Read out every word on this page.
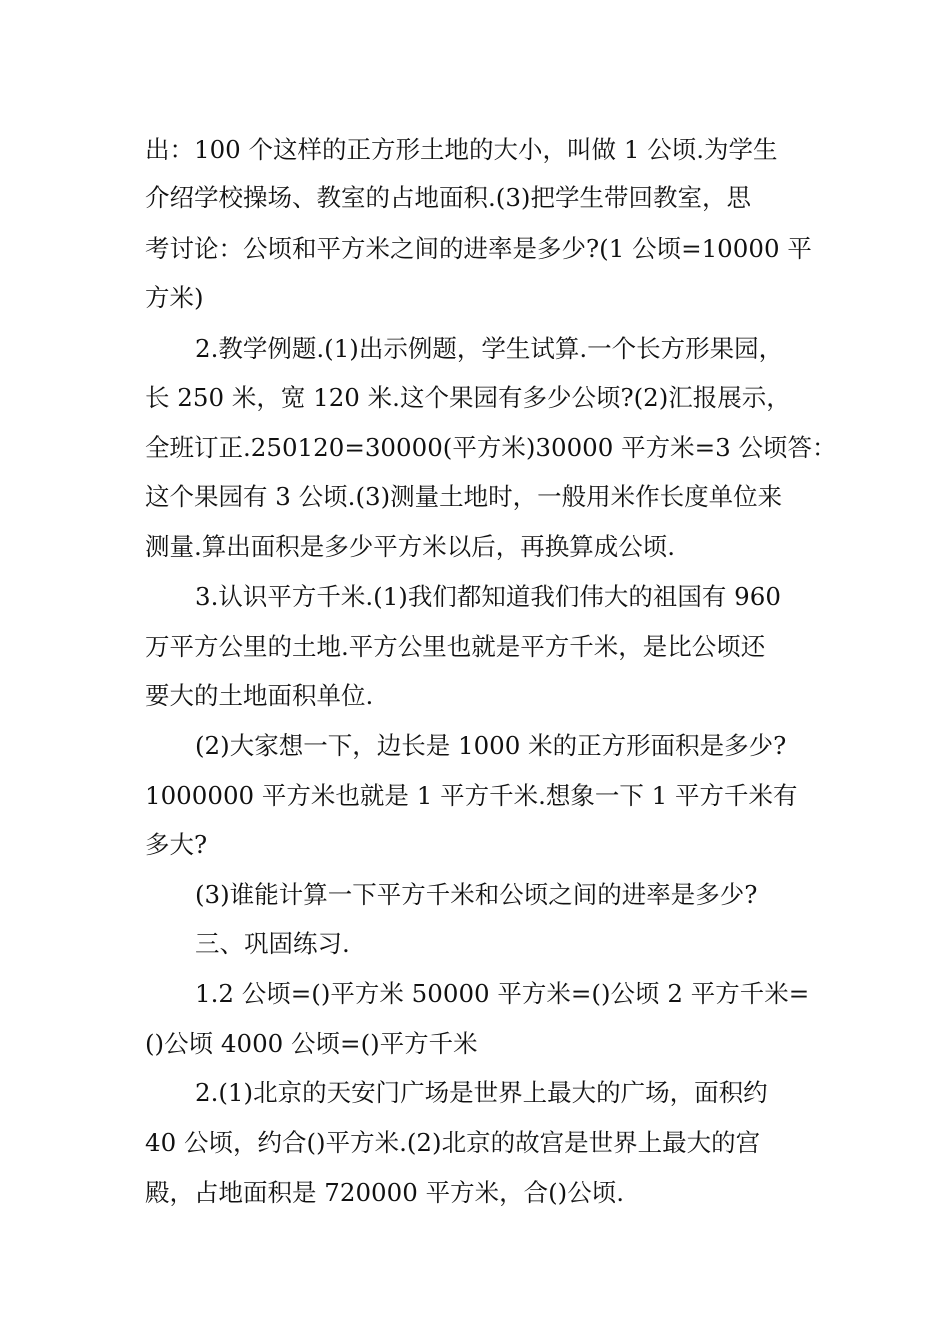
出：100 个这样的正方形土地的大小，叫做 1 公顷.为学生
介绍学校操场、教室的占地面积.(3)把学生带回教室，思
考讨论：公顷和平方米之间的进率是多少?(1 公顷=10000 平
方米)
2.教学例题.(1)出示例题，学生试算.一个长方形果园，
长 250 米，宽 120 米.这个果园有多少公顷?(2)汇报展示，
全班订正.250120=30000(平方米)30000 平方米=3 公顷答：
这个果园有 3 公顷.(3)测量土地时，一般用米作长度单位来
测量.算出面积是多少平方米以后，再换算成公顷.
3.认识平方千米.(1)我们都知道我们伟大的祖国有 960
万平方公里的土地.平方公里也就是平方千米，是比公顷还
要大的土地面积单位.
(2)大家想一下，边长是 1000 米的正方形面积是多少?
1000000 平方米也就是 1 平方千米.想象一下 1 平方千米有
多大?
(3)谁能计算一下平方千米和公顷之间的进率是多少?
三、巩固练习.
1.2 公顷=()平方米 50000 平方米=()公顷 2 平方千米=
()公顷 4000 公顷=()平方千米
2.(1)北京的天安门广场是世界上最大的广场，面积约
40 公顷，约合()平方米.(2)北京的故宫是世界上最大的宫
殿，占地面积是 720000 平方米，合()公顷.
